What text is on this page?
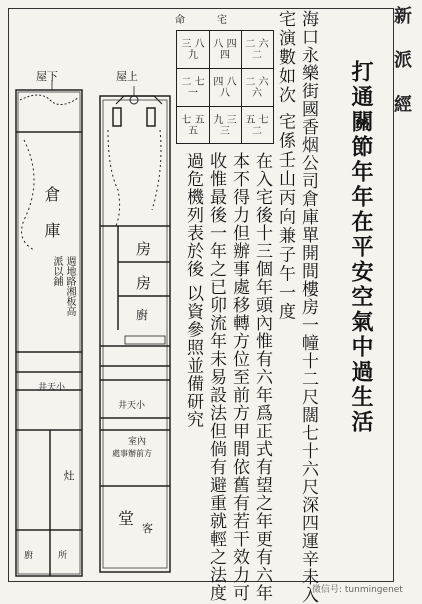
新 派 經
打通關節年年在平安空氣中過生活
海口永樂街國香烟公司倉庫單開間樓房一幢十二尺闊七十六尺深四運辛未入
宅演數如次 宅係壬山丙向兼子午一度
在入宅後十三個年頭內惟有六年爲正式有望之年更有六年
本不得力但辦事處移轉方位至前方甲間依舊有若干效力可
收惟最後一年之已卯流年未易設法但倘有避重就輕之法度
過危機列表於後 以資參照並備研究
宅
命
二 六二
八 四四
三 八九
二 六六
四 八八
二 七一
五 七二
九 三三
七 五五
屋下	屋上
倉庫
週地路湘板高派以鋪
井天小
灶
廚	所
房
房
廚
井天小
室內
處事辦前方
客
堂
微信号: tunmingenet
